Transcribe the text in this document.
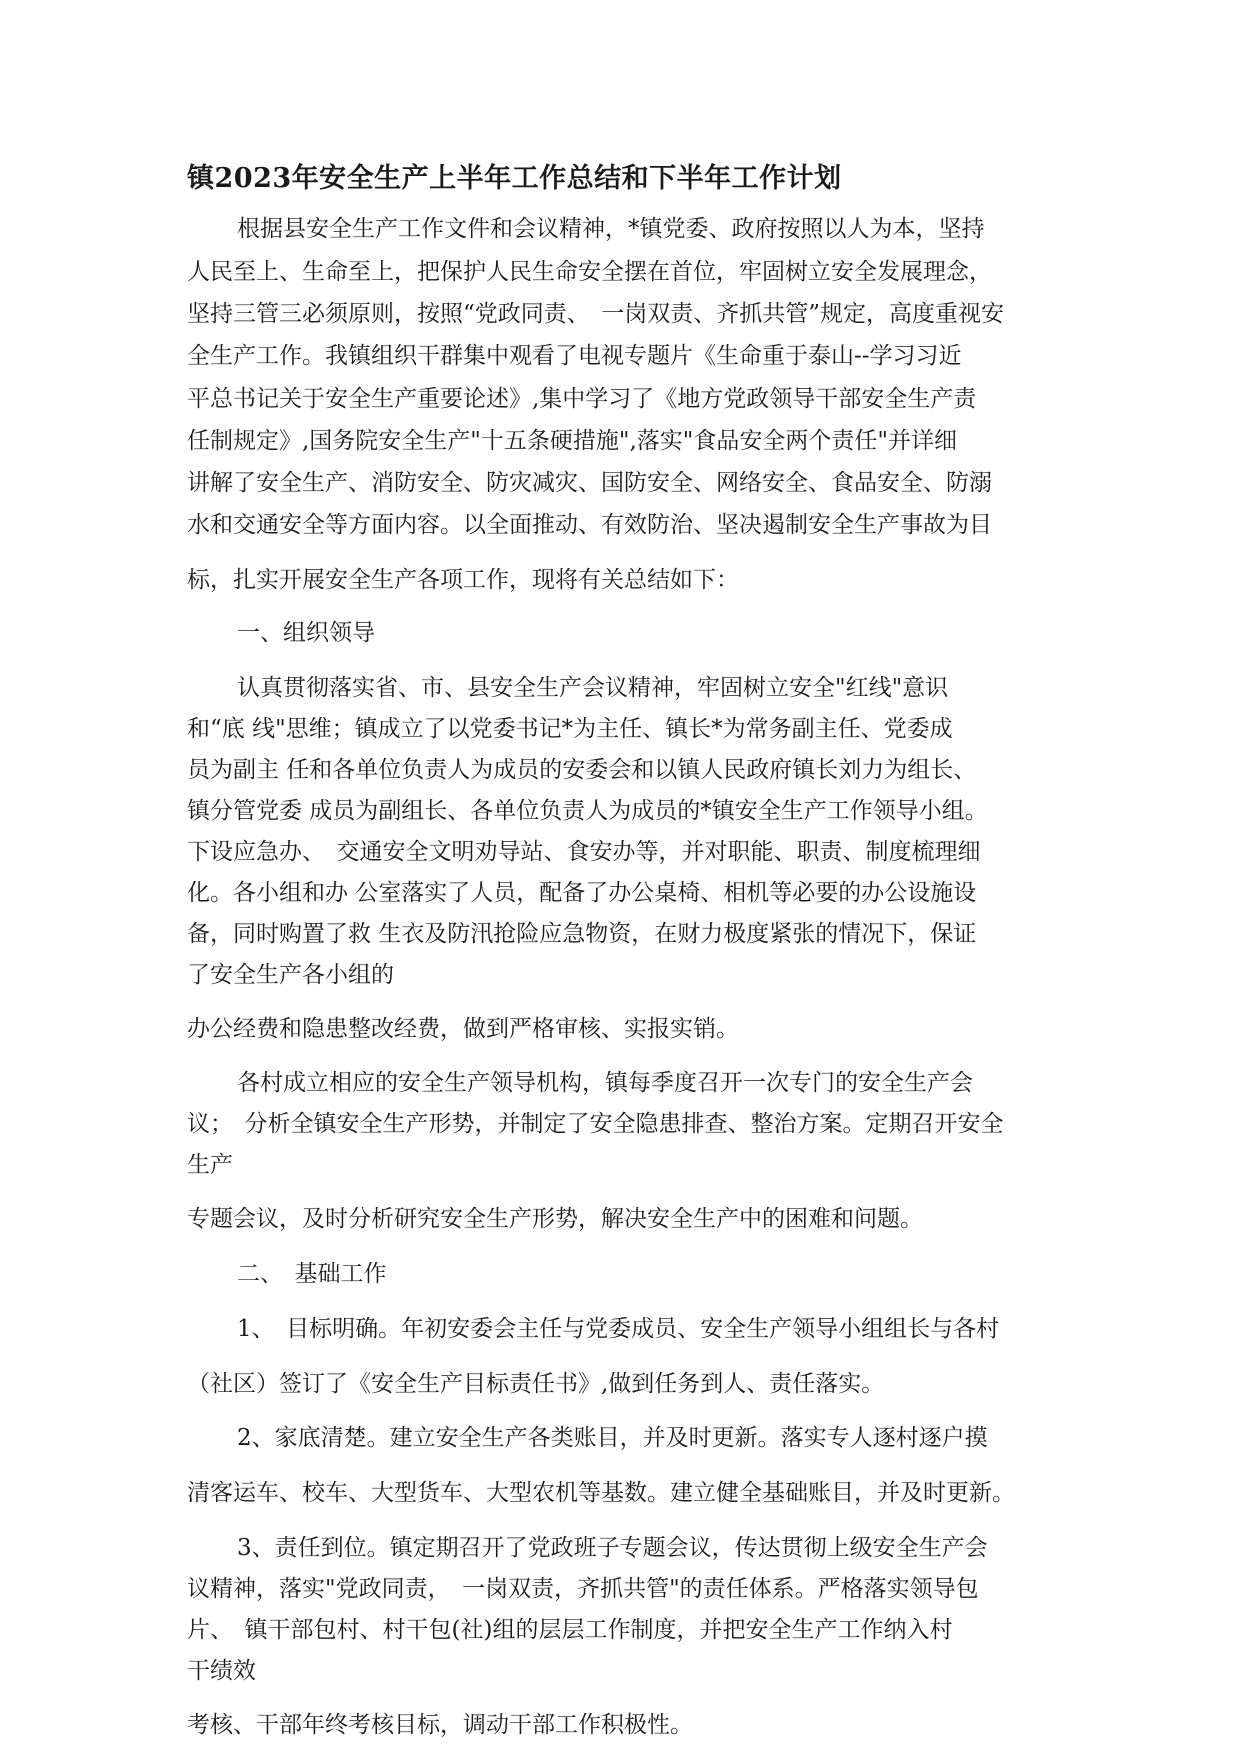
镇2023年安全生产上半年工作总结和下半年工作计划

根据县安全生产工作文件和会议精神，*镇党委、政府按照以人为本，坚持

人民至上、生命至上，把保护人民生命安全摆在首位，牢固树立安全发展理念，

坚持三管三必须原则，按照“党政同责、　一岗双责、齐抓共管”规定，高度重视安

全生产工作。我镇组织干群集中观看了电视专题片《生命重于泰山--学习习近

平总书记关于安全生产重要论述》,集中学习了《地方党政领导干部安全生产责

任制规定》,国务院安全生产"十五条硬措施",落实"食品安全两个责任"并详细

讲解了安全生产、消防安全、防灾减灾、国防安全、网络安全、食品安全、防溺

水和交通安全等方面内容。以全面推动、有效防治、坚决遏制安全生产事故为目

标，扎实开展安全生产各项工作，现将有关总结如下：

一、组织领导

认真贯彻落实省、市、县安全生产会议精神，牢固树立安全"红线"意识

和“底 线"思维；镇成立了以党委书记*为主任、镇长*为常务副主任、党委成

员为副主 任和各单位负责人为成员的安委会和以镇人民政府镇长刘力为组长、

镇分管党委 成员为副组长、各单位负责人为成员的*镇安全生产工作领导小组。

下设应急办、　交通安全文明劝导站、食安办等，并对职能、职责、制度梳理细

化。各小组和办 公室落实了人员，配备了办公桌椅、相机等必要的办公设施设

备，同时购置了救 生衣及防汛抢险应急物资，在财力极度紧张的情况下，保证

了安全生产各小组的

办公经费和隐患整改经费，做到严格审核、实报实销。

各村成立相应的安全生产领导机构，镇每季度召开一次专门的安全生产会

议；　分析全镇安全生产形势，并制定了安全隐患排查、整治方案。定期召开安全

生产

专题会议，及时分析研究安全生产形势，解决安全生产中的困难和问题。

二、　基础工作

1、　目标明确。年初安委会主任与党委成员、安全生产领导小组组长与各村

（社区）签订了《安全生产目标责任书》,做到任务到人、责任落实。

2、家底清楚。建立安全生产各类账目，并及时更新。落实专人逐村逐户摸

清客运车、校车、大型货车、大型农机等基数。建立健全基础账目，并及时更新。

3、责任到位。镇定期召开了党政班子专题会议，传达贯彻上级安全生产会

议精神，落实"党政同责，　一岗双责，齐抓共管"的责任体系。严格落实领导包

片、　镇干部包村、村干包(社)组的层层工作制度，并把安全生产工作纳入村

干绩效

考核、干部年终考核目标，调动干部工作积极性。
